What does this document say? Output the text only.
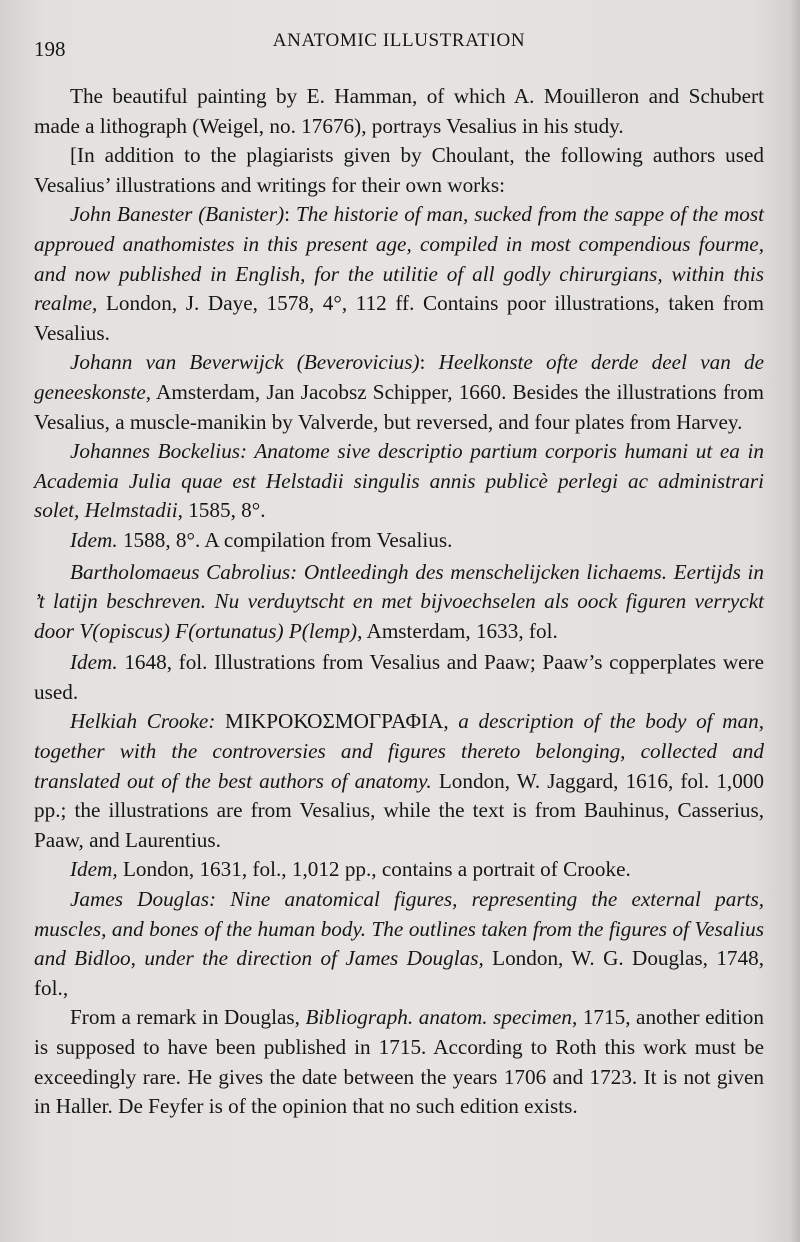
198	ANATOMIC ILLUSTRATION

The beautiful painting by E. Hamman, of which A. Mouilleron and Schubert made a lithograph (Weigel, no. 17676), portrays Vesalius in his study.

[In addition to the plagiarists given by Choulant, the following authors used Vesalius’ illustrations and writings for their own works:

John Banester (Banister): The historie of man, sucked from the sappe of the most approued anathomistes in this present age, compiled in most compendious fourme, and now published in English, for the utilitie of all godly chirurgians, within this realme, London, J. Daye, 1578, 4°, 112 ff. Contains poor illustrations, taken from Vesalius.

Johann van Beverwijck (Beverovicius): Heelkonste ofte derde deel van de geneeskonste, Amsterdam, Jan Jacobsz Schipper, 1660. Besides the illustrations from Vesalius, a muscle-manikin by Valverde, but reversed, and four plates from Harvey.

Johannes Bockelius: Anatome sive descriptio partium corporis humani ut ea in Academia Julia quae est Helstadii singulis annis publicè perlegi ac administrari solet, Helmstadii, 1585, 8°.

Idem. 1588, 8°. A compilation from Vesalius.

Bartholomaeus Cabrolius: Ontleedingh des menschelijcken lichaems. Eertijds in ’t latijn beschreven. Nu verduytscht en met bijvoechselen als oock figuren verryckt door V(opiscus) F(ortunatus) P(lemp), Amsterdam, 1633, fol.

Idem. 1648, fol. Illustrations from Vesalius and Paaw; Paaw’s copperplates were used.

Helkiah Crooke: ΜΙΚΡΟΚΟΣΜΟΓΡΑΦΙΑ, a description of the body of man, together with the controversies and figures thereto belonging, collected and translated out of the best authors of anatomy. London, W. Jaggard, 1616, fol. 1,000 pp.; the illustrations are from Vesalius, while the text is from Bauhinus, Casserius, Paaw, and Laurentius.

Idem, London, 1631, fol., 1,012 pp., contains a portrait of Crooke.

James Douglas: Nine anatomical figures, representing the external parts, muscles, and bones of the human body. The outlines taken from the figures of Vesalius and Bidloo, under the direction of James Douglas, London, W. G. Douglas, 1748, fol.,

From a remark in Douglas, Bibliograph. anatom. specimen, 1715, another edition is supposed to have been published in 1715. According to Roth this work must be exceedingly rare. He gives the date between the years 1706 and 1723. It is not given in Haller. De Feyfer is of the opinion that no such edition exists.
